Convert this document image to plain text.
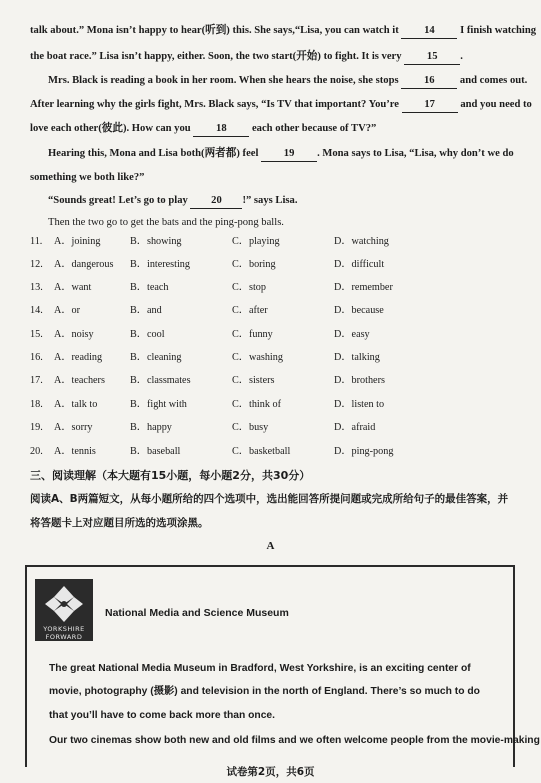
talk about.” Mona isn’t happy to hear(听到) this. She says,“Lisa, you can watch it 14 I finish watching
the boat race.” Lisa isn’t happy, either. Soon, the two start(开始) to fight. It is very 15 .
Mrs. Black is reading a book in her room. When she hears the noise, she stops 16 and comes out.
After learning why the girls fight, Mrs. Black says, “Is TV that important? You’re 17 and you need to
love each other(彼此). How can you 18 each other because of TV?”
Hearing this, Mona and Lisa both(两者都) feel 19 . Mona says to Lisa, “Lisa, why don’t we do
something we both like?”
“Sounds great! Let’s go to play 20 !” says Lisa.
Then the two go to get the bats and the ping-pong balls.
11.	A．joining	B．showing	C．playing	D．watching
12.	A．dangerous B．interesting	C．boring	D．difficult
13.	A．want	B．teach	C．stop	D．remember
14.	A．or	B．and	C．after	D．because
15.	A．noisy	B．cool	C．funny	D．easy
16.	A．reading	B．cleaning	C．washing	D．talking
17.	A．teachers B．classmates	C．sisters	D．brothers
18.	A．talk to	B．fight with	C．think of	D．listen to
19.	A．sorry	B．happy	C．busy	D．afraid
20.	A．tennis	B．baseball	C．basketball	D．ping-pong
三、阅读理解（本大题有15小题，每小题2分，共30分）
阅读A、B两篇短文，从每小题所给的四个选项中，选出能回答所提问题或完成所给句子的最佳答案，并
将答题卡上对应题目所选的选项涂黑。
A
YORKSHIRE
FORWARD
National Media and Science Museum
The great National Media Museum in Bradford, West Yorkshire, is an exciting center of
movie, photography (摄影) and television in the north of England. There’s so much to do
that you’ll have to come back more than once.
Our two cinemas show both new and old films and we often welcome people from the movie-making
试卷第2页，共6页
